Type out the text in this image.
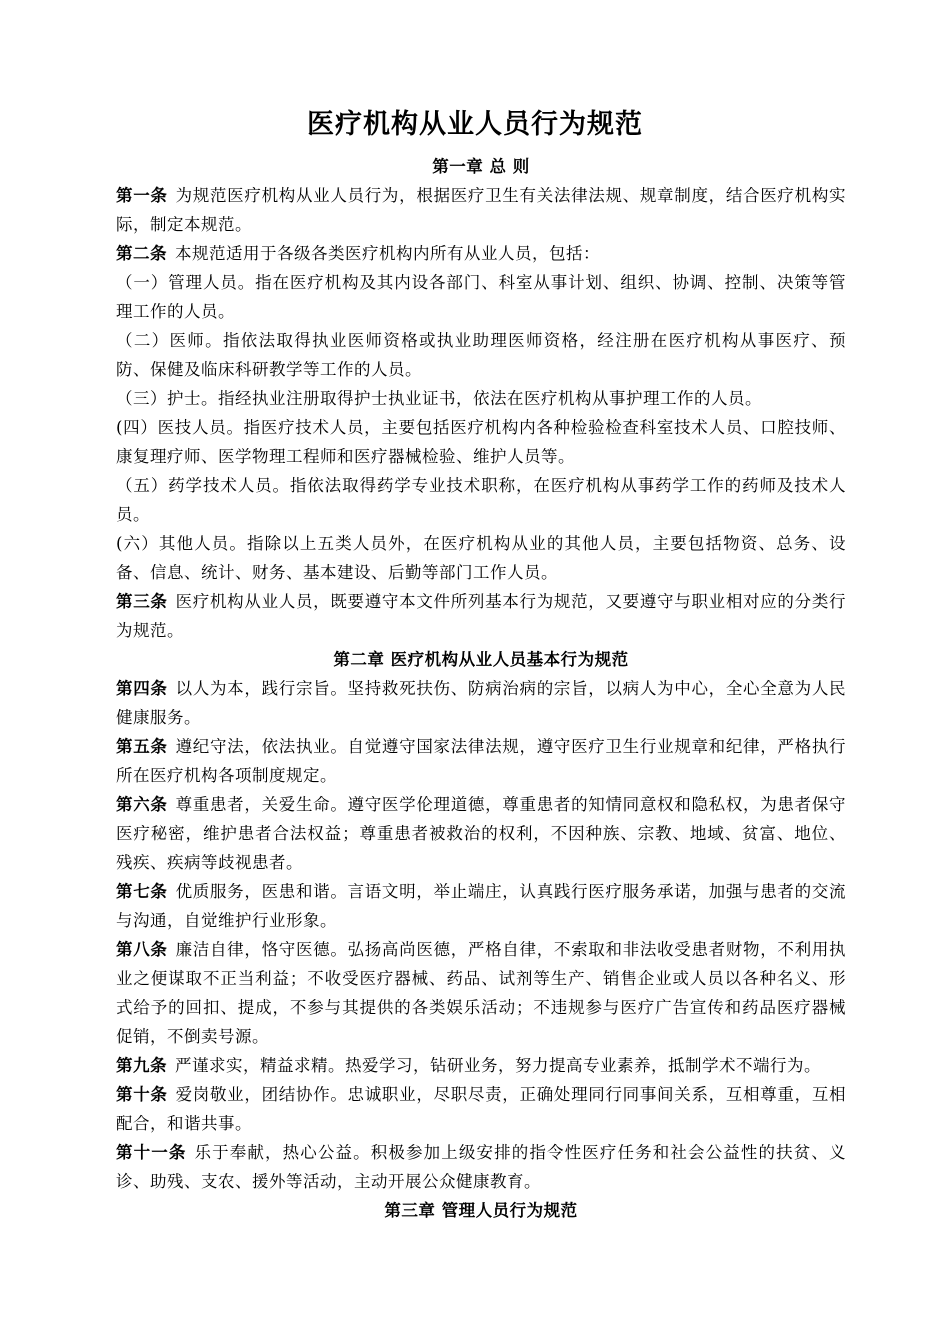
医疗机构从业人员行为规范

第一章 总 则

第一条 为规范医疗机构从业人员行为，根据医疗卫生有关法律法规、规章制度，结合医疗机构实际，制定本规范。

第二条 本规范适用于各级各类医疗机构内所有从业人员，包括：

（一）管理人员。指在医疗机构及其内设各部门、科室从事计划、组织、协调、控制、决策等管理工作的人员。

（二）医师。指依法取得执业医师资格或执业助理医师资格，经注册在医疗机构从事医疗、预防、保健及临床科研教学等工作的人员。

（三）护士。指经执业注册取得护士执业证书，依法在医疗机构从事护理工作的人员。

(四）医技人员。指医疗技术人员，主要包括医疗机构内各种检验检查科室技术人员、口腔技师、康复理疗师、医学物理工程师和医疗器械检验、维护人员等。

（五）药学技术人员。指依法取得药学专业技术职称，在医疗机构从事药学工作的药师及技术人员。

(六）其他人员。指除以上五类人员外，在医疗机构从业的其他人员，主要包括物资、总务、设备、信息、统计、财务、基本建设、后勤等部门工作人员。

第三条 医疗机构从业人员，既要遵守本文件所列基本行为规范，又要遵守与职业相对应的分类行为规范。

第二章 医疗机构从业人员基本行为规范

第四条 以人为本，践行宗旨。坚持救死扶伤、防病治病的宗旨，以病人为中心，全心全意为人民健康服务。

第五条 遵纪守法，依法执业。自觉遵守国家法律法规，遵守医疗卫生行业规章和纪律，严格执行所在医疗机构各项制度规定。

第六条 尊重患者，关爱生命。遵守医学伦理道德，尊重患者的知情同意权和隐私权，为患者保守医疗秘密，维护患者合法权益；尊重患者被救治的权利，不因种族、宗教、地域、贫富、地位、残疾、疾病等歧视患者。

第七条 优质服务，医患和谐。言语文明，举止端庄，认真践行医疗服务承诺，加强与患者的交流与沟通，自觉维护行业形象。

第八条 廉洁自律，恪守医德。弘扬高尚医德，严格自律，不索取和非法收受患者财物，不利用执业之便谋取不正当利益；不收受医疗器械、药品、试剂等生产、销售企业或人员以各种名义、形式给予的回扣、提成，不参与其提供的各类娱乐活动；不违规参与医疗广告宣传和药品医疗器械促销，不倒卖号源。

第九条 严谨求实，精益求精。热爱学习，钻研业务，努力提高专业素养，抵制学术不端行为。

第十条 爱岗敬业，团结协作。忠诚职业，尽职尽责，正确处理同行同事间关系，互相尊重，互相配合，和谐共事。

第十一条 乐于奉献，热心公益。积极参加上级安排的指令性医疗任务和社会公益性的扶贫、义诊、助残、支农、援外等活动，主动开展公众健康教育。

第三章 管理人员行为规范
